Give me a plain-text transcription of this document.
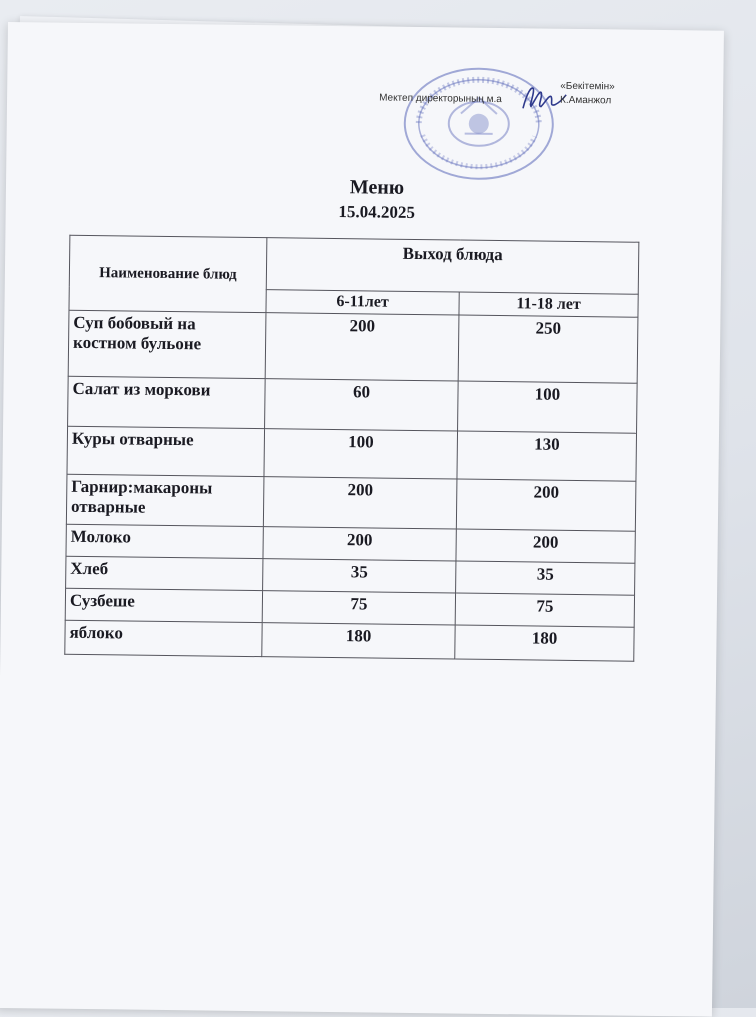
«Бекітемін»
Мектеп директорының м.а	К.Аманжол
Меню
15.04.2025
Наименование блюд	Выход блюда	
	6-11лет	11-18 лет
Суп бобовый на костном бульоне	200	250
Салат из моркови	60	100
Куры отварные	100	130
Гарнир:макароны отварные	200	200
Молоко	200	200
Хлеб	35	35
Сузбеше	75	75
яблоко	180	180
